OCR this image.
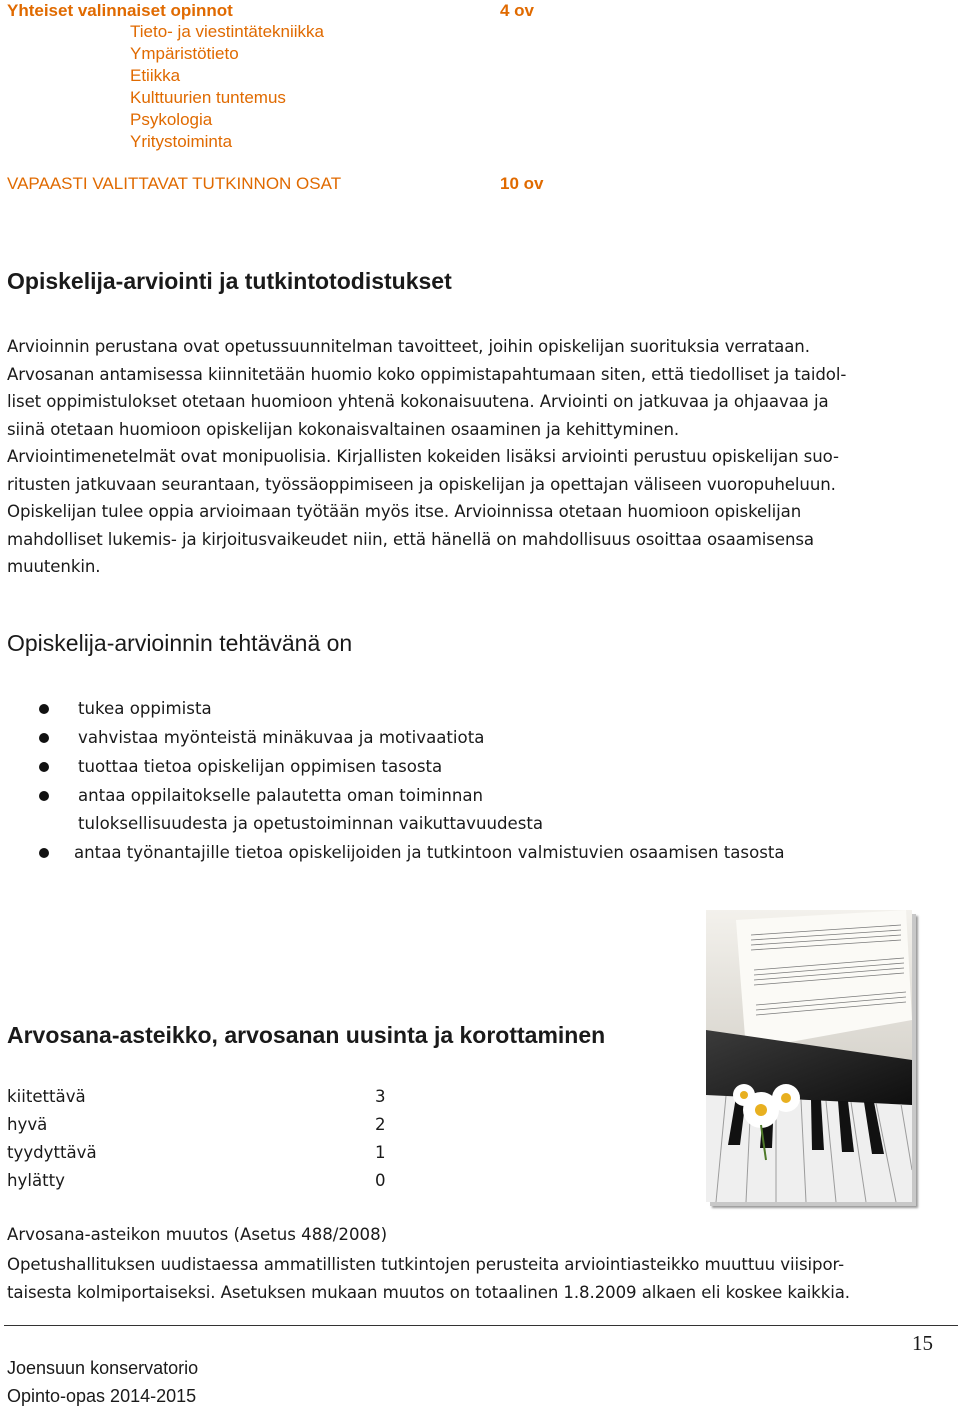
Yhteiset valinnaiset opinnot	4 ov
Tieto- ja viestintätekniikka
Ympäristötieto
Etiikka
Kulttuurien tuntemus
Psykologia
Yritystoiminta
VAPAASTI VALITTAVAT TUTKINNON OSAT	10 ov
Opiskelija-arviointi ja tutkintotodistukset
Arvioinnin perustana ovat opetussuunnitelman tavoitteet, joihin opiskelijan suorituksia verrataan.
Arvosanan antamisessa kiinnitetään huomio koko oppimistapahtumaan siten, että tiedolliset ja taidol-
liset oppimistulokset otetaan huomioon yhtenä kokonaisuutena. Arviointi on jatkuvaa ja ohjaavaa ja
siinä otetaan huomioon opiskelijan kokonaisvaltainen osaaminen ja kehittyminen.
Arviointimenetelmät ovat monipuolisia. Kirjallisten kokeiden lisäksi arviointi perustuu opiskelijan suo-
ritusten jatkuvaan seurantaan, työssäoppimiseen ja opiskelijan ja opettajan väliseen vuoropuheluun.
Opiskelijan tulee oppia arvioimaan työtään myös itse. Arvioinnissa otetaan huomioon opiskelijan
mahdolliset lukemis- ja kirjoitusvaikeudet niin, että hänellä on mahdollisuus osoittaa osaamisensa
muutenkin.
Opiskelija-arvioinnin tehtävänä on
tukea oppimista
vahvistaa myönteistä minäkuvaa ja motivaatiota
tuottaa tietoa opiskelijan oppimisen tasosta
antaa oppilaitokselle palautetta oman toiminnan tuloksellisuudesta ja opetustoiminnan vaikuttavuudesta
antaa työnantajille tietoa opiskelijoiden ja tutkintoon valmistuvien osaamisen tasosta
Arvosana-asteikko, arvosanan uusinta ja korottaminen
kiitettävä	3
hyvä	2
tyydyttävä	1
hylätty	0
Arvosana-asteikon muutos (Asetus 488/2008)
Opetushallituksen uudistaessa ammatillisten tutkintojen perusteita arviointiasteikko muuttuu viisipor-
taisesta kolmiportaiseksi. Asetuksen mukaan muutos on totaalinen 1.8.2009 alkaen eli koskee kaikkia.
Joensuun konservatorio
Opinto-opas 2014-2015
15
